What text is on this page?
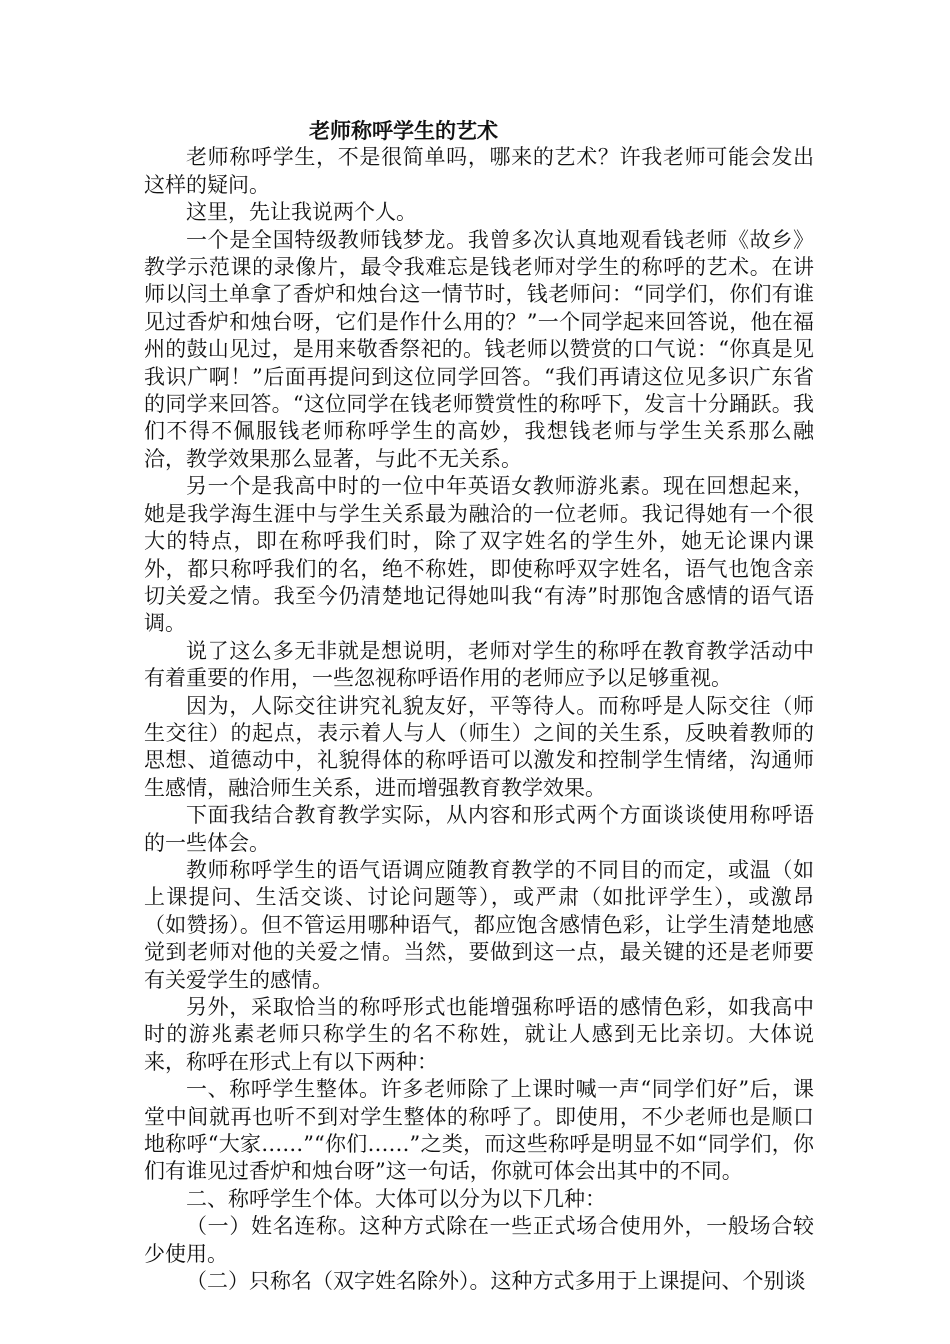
老师称呼学生的艺术

老师称呼学生，不是很简单吗，哪来的艺术？许我老师可能会发出这样的疑问。

这里，先让我说两个人。

一个是全国特级教师钱梦龙。我曾多次认真地观看钱老师《故乡》教学示范课的录像片，最令我难忘是钱老师对学生的称呼的艺术。在讲师以闫土单拿了香炉和烛台这一情节时，钱老师问：“同学们，你们有谁见过香炉和烛台呀，它们是作什么用的？”一个同学起来回答说，他在福州的鼓山见过，是用来敬香祭祀的。钱老师以赞赏的口气说：“你真是见我识广啊！”后面再提问到这位同学回答。“我们再请这位见多识广东省的同学来回答。“这位同学在钱老师赞赏性的称呼下，发言十分踊跃。我们不得不佩服钱老师称呼学生的高妙，我想钱老师与学生关系那么融洽，教学效果那么显著，与此不无关系。

另一个是我高中时的一位中年英语女教师游兆素。现在回想起来，她是我学海生涯中与学生关系最为融洽的一位老师。我记得她有一个很大的特点，即在称呼我们时，除了双字姓名的学生外，她无论课内课外，都只称呼我们的名，绝不称姓，即使称呼双字姓名，语气也饱含亲切关爱之情。我至今仍清楚地记得她叫我“有涛”时那饱含感情的语气语调。

说了这么多无非就是想说明，老师对学生的称呼在教育教学活动中有着重要的作用，一些忽视称呼语作用的老师应予以足够重视。

因为，人际交往讲究礼貌友好，平等待人。而称呼是人际交往（师生交往）的起点，表示着人与人（师生）之间的关生系，反映着教师的思想、道德动中，礼貌得体的称呼语可以激发和控制学生情绪，沟通师生感情，融洽师生关系，进而增强教育教学效果。

下面我结合教育教学实际，从内容和形式两个方面谈谈使用称呼语的一些体会。

教师称呼学生的语气语调应随教育教学的不同目的而定，或温（如上课提问、生活交谈、讨论问题等），或严肃（如批评学生），或激昂（如赞扬）。但不管运用哪种语气，都应饱含感情色彩，让学生清楚地感觉到老师对他的关爱之情。当然，要做到这一点，最关键的还是老师要有关爱学生的感情。

另外，采取恰当的称呼形式也能增强称呼语的感情色彩，如我高中时的游兆素老师只称学生的名不称姓，就让人感到无比亲切。大体说来，称呼在形式上有以下两种：

一、称呼学生整体。许多老师除了上课时喊一声“同学们好”后，课堂中间就再也听不到对学生整体的称呼了。即使用，不少老师也是顺口地称呼“大家……”“你们……”之类，而这些称呼是明显不如“同学们，你们有谁见过香炉和烛台呀”这一句话，你就可体会出其中的不同。

二、称呼学生个体。大体可以分为以下几种：

（一）姓名连称。这种方式除在一些正式场合使用外，一般场合较少使用。

（二）只称名（双字姓名除外）。这种方式多用于上课提问、个别谈
